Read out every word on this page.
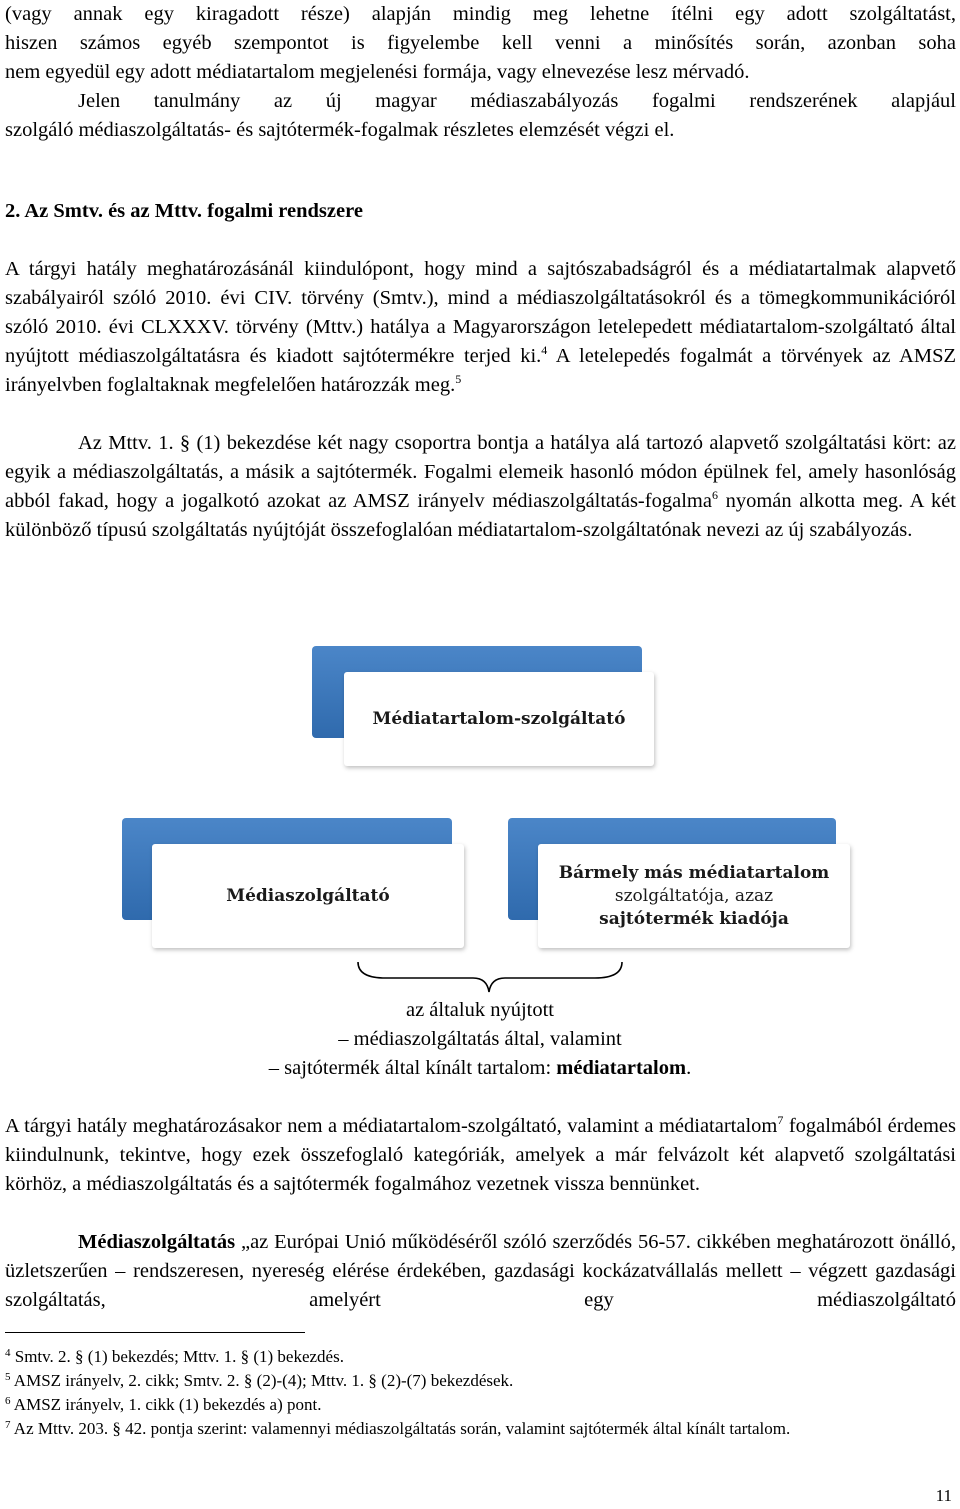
(vagy annak egy kiragadott része) alapján mindig meg lehetne ítélni egy adott szolgáltatást,
hiszen számos egyéb szempontot is figyelembe kell venni a minősítés során, azonban soha
nem egyedül egy adott médiatartalom megjelenési formája, vagy elnevezése lesz mérvadó.
Jelen tanulmány az új magyar médiaszabályozás fogalmi rendszerének alapjául
szolgáló médiaszolgáltatás- és sajtótermék-fogalmak részletes elemzését végzi el.
2. Az Smtv. és az Mttv. fogalmi rendszere
A tárgyi hatály meghatározásánál kiindulópont, hogy mind a sajtószabadságról és a médiatartalmak alapvető szabályairól szóló 2010. évi CIV. törvény (Smtv.), mind a médiaszolgáltatásokról és a tömegkommunikációról szóló 2010. évi CLXXXV. törvény (Mttv.) hatálya a Magyarországon letelepedett médiatartalom-szolgáltató által nyújtott médiaszolgáltatásra és kiadott sajtótermékre terjed ki.$^4$ A letelepedés fogalmát a törvények az AMSZ irányelvben foglaltaknak megfelelően határozzák meg.$^5$
Az Mttv. 1. § (1) bekezdése két nagy csoportra bontja a hatálya alá tartozó alapvető szolgáltatási kört: az egyik a médiaszolgáltatás, a másik a sajtótermék. Fogalmi elemeik hasonló módon épülnek fel, amely hasonlóság abból fakad, hogy a jogalkotó azokat az AMSZ irányelv médiaszolgáltatás-fogalma$^6$ nyomán alkotta meg. A két különböző típusú szolgáltatás nyújtóját összefoglalóan médiatartalom-szolgáltatónak nevezi az új szabályozás.
Médiatartalom-szolgáltató
Médiaszolgáltató
Bármely más médiatartalom
szolgáltatója, azaz
sajtótermék kiadója
az általuk nyújtott
– médiaszolgáltatás által, valamint
– sajtótermék által kínált tartalom: médiatartalom.
A tárgyi hatály meghatározásakor nem a médiatartalom-szolgáltató, valamint a médiatartalom$^7$ fogalmából érdemes kiindulnunk, tekintve, hogy ezek összefoglaló kategóriák, amelyek a már felvázolt két alapvető szolgáltatási körhöz, a médiaszolgáltatás és a sajtótermék fogalmához vezetnek vissza bennünket.
Médiaszolgáltatás „az Európai Unió működéséről szóló szerződés 56-57. cikkében meghatározott önálló, üzletszerűen – rendszeresen, nyereség elérése érdekében, gazdasági kockázatvállalás mellett – végzett gazdasági szolgáltatás, amelyért egy médiaszolgáltató
$^4$ Smtv. 2. § (1) bekezdés; Mttv. 1. § (1) bekezdés.
$^5$ AMSZ irányelv, 2. cikk; Smtv. 2. § (2)-(4); Mttv. 1. § (2)-(7) bekezdések.
$^6$ AMSZ irányelv, 1. cikk (1) bekezdés a) pont.
$^7$ Az Mttv. 203. § 42. pontja szerint: valamennyi médiaszolgáltatás során, valamint sajtótermék által kínált tartalom.
11
